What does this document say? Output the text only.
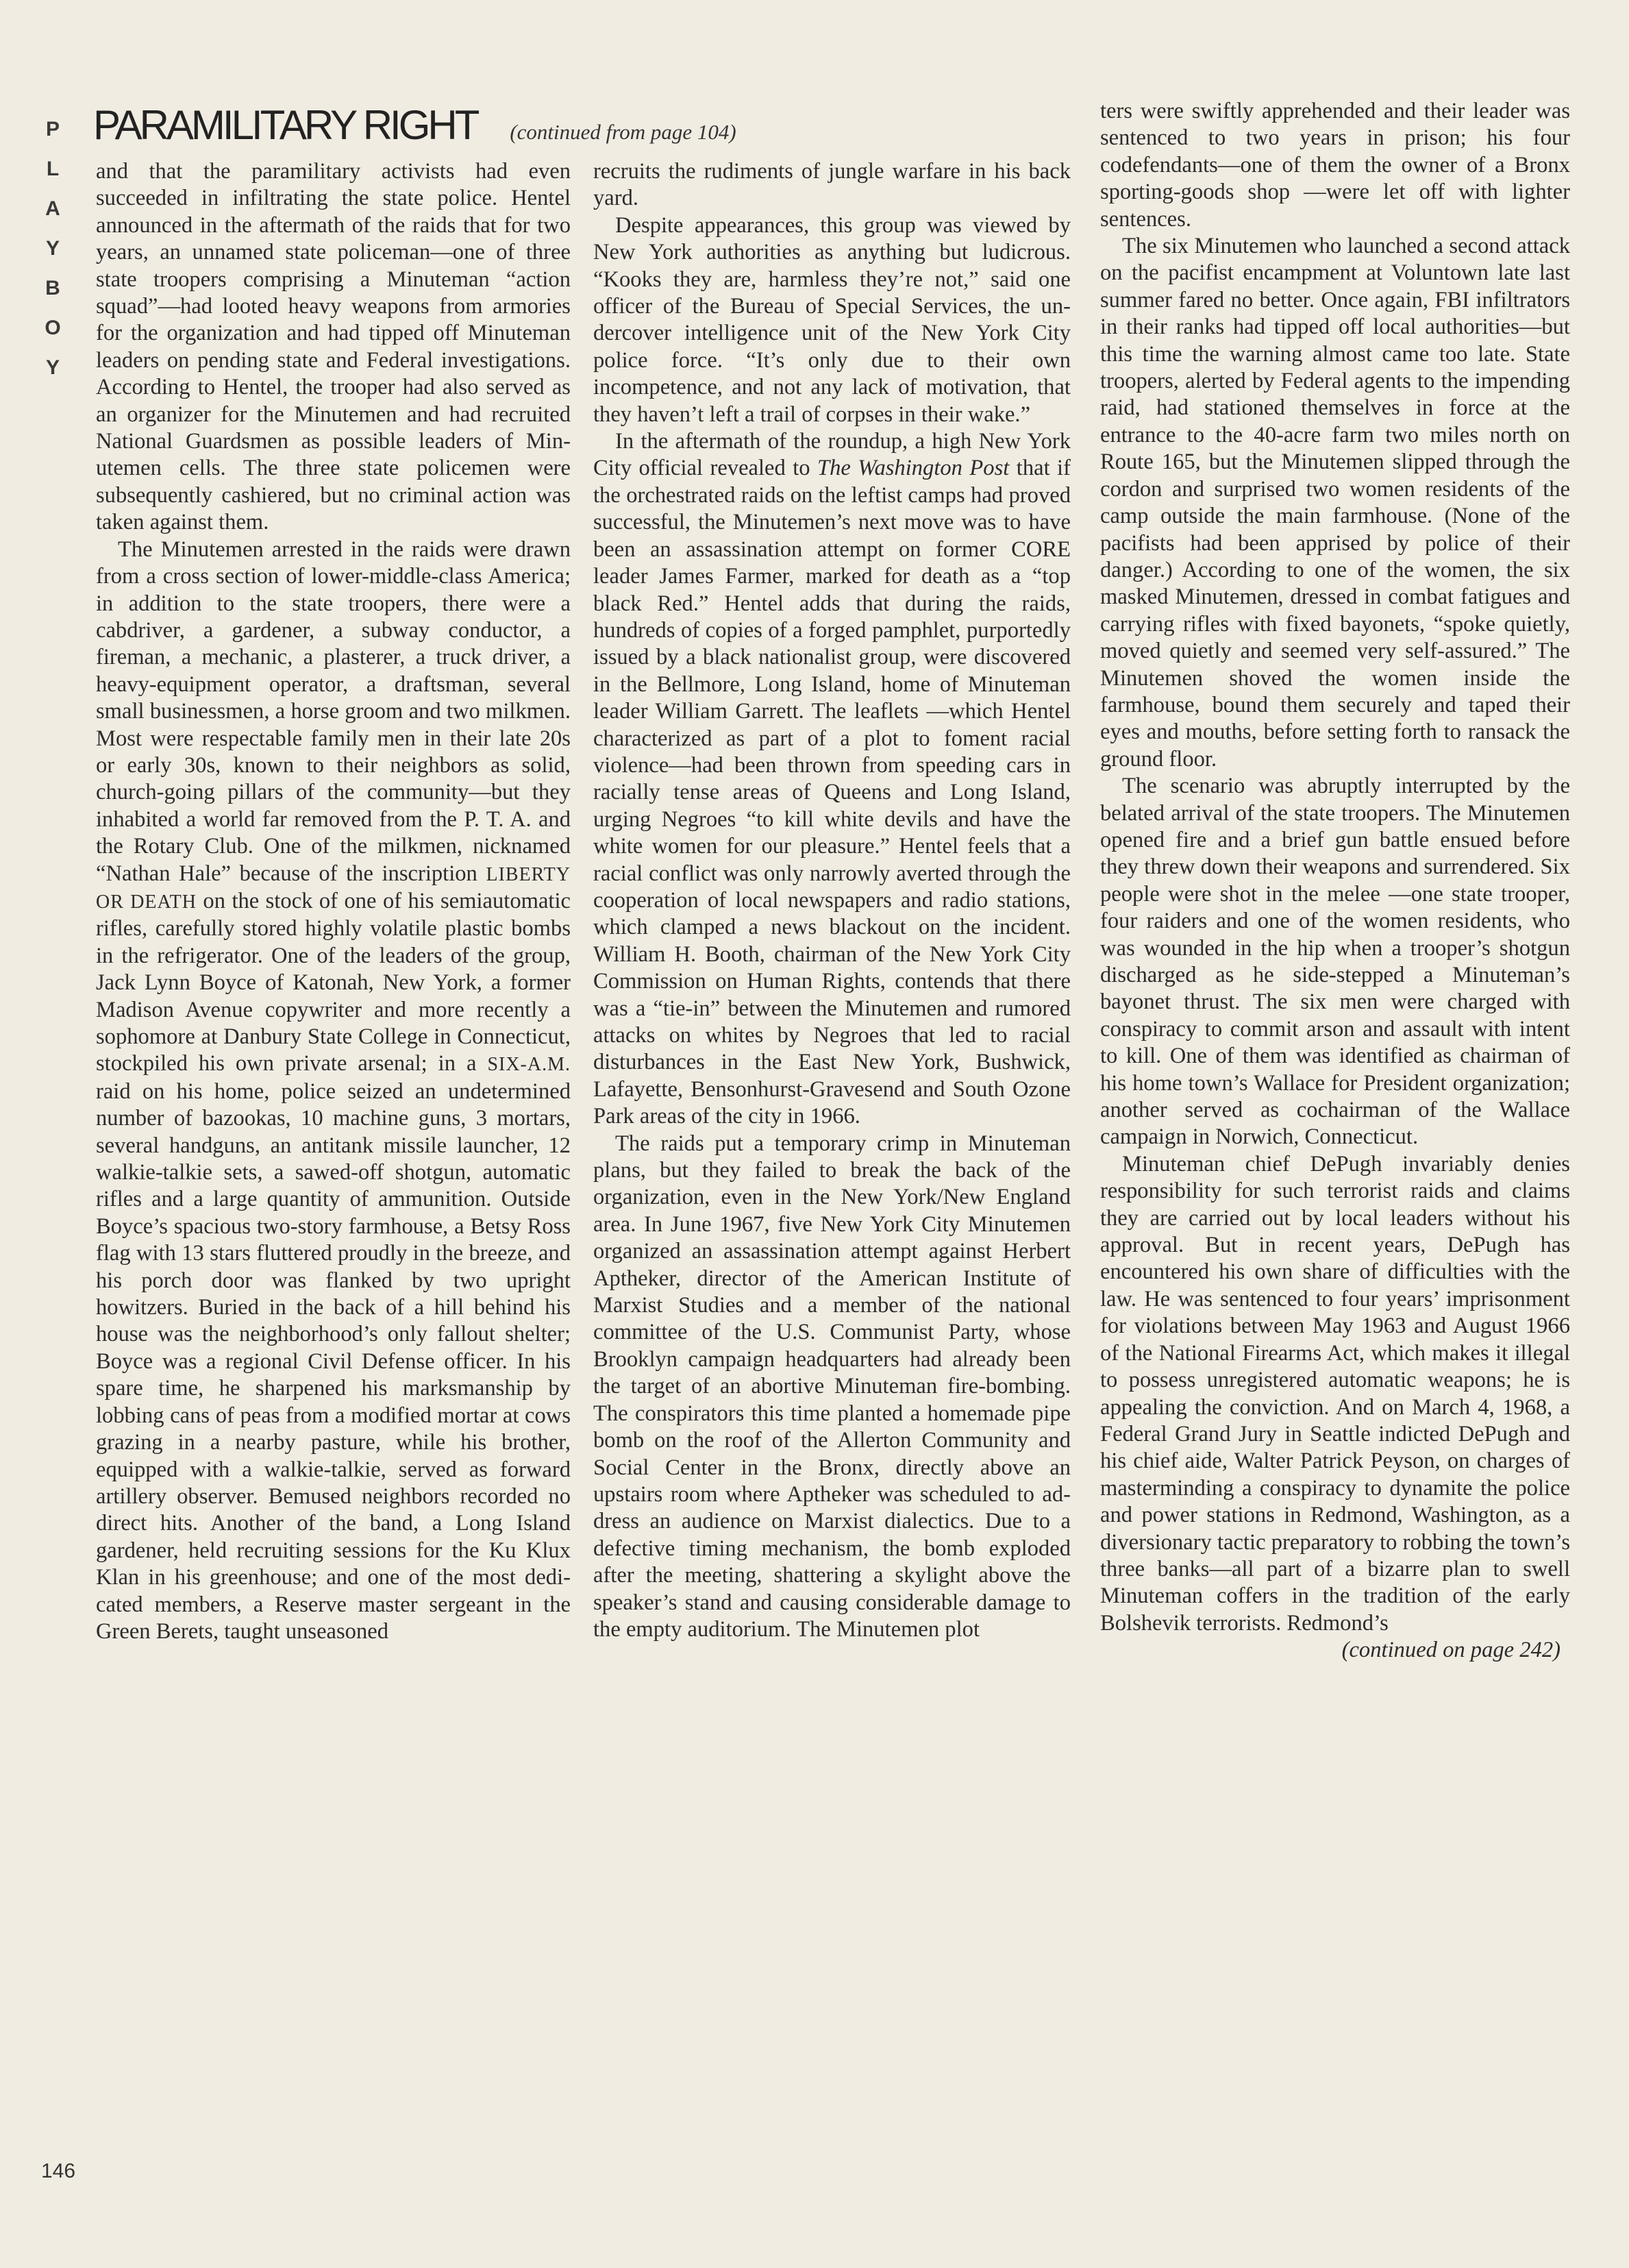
P
L
A
Y
B
O
Y
PARAMILITARY RIGHT (continued from page 104)

and that the paramilitary activists had even succeeded in infiltrating the state police. Hentel announced in the aftermath of the raids that for two years, an unnamed state policeman—one of three state troopers comprising a Minuteman “action squad”—had looted heavy weapons from armories for the organization and had tipped off Minuteman leaders on pending state and Federal investigations. According to Hentel, the trooper had also served as an organizer for the Minutemen and had recruited National Guardsmen as possible leaders of Minutemen cells. The three state policemen were subsequently cashiered, but no criminal action was taken against them.

The Minutemen arrested in the raids were drawn from a cross section of lower-middle-class America; in addition to the state troopers, there were a cabdriver, a gardener, a subway conductor, a fireman, a mechanic, a plasterer, a truck driver, a heavy-equipment operator, a draftsman, several small businessmen, a horse groom and two milkmen. Most were respectable family men in their late 20s or early 30s, known to their neighbors as solid, church-going pillars of the community—but they inhabited a world far removed from the P. T. A. and the Rotary Club. One of the milkmen, nicknamed “Nathan Hale” because of the inscription LIBERTY OR DEATH on the stock of one of his semiautomatic rifles, carefully stored highly volatile plastic bombs in the refrigerator. One of the leaders of the group, Jack Lynn Boyce of Katonah, New York, a former Madison Avenue copywriter and more recently a sophomore at Danbury State College in Connecticut, stockpiled his own private arsenal; in a SIX-A.M. raid on his home, police seized an undetermined number of bazookas, 10 machine guns, 3 mortars, several handguns, an antitank missile launcher, 12 walkie-talkie sets, a sawed-off shotgun, automatic rifles and a large quantity of ammunition. Outside Boyce’s spacious two-story farmhouse, a Betsy Ross flag with 13 stars fluttered proudly in the breeze, and his porch door was flanked by two upright howitzers. Buried in the back of a hill behind his house was the neighborhood’s only fallout shelter; Boyce was a regional Civil Defense officer. In his spare time, he sharpened his marksmanship by lobbing cans of peas from a modified mortar at cows grazing in a nearby pasture, while his brother, equipped with a walkie-talkie, served as forward artillery observer. Bemused neighbors recorded no direct hits. Another of the band, a Long Island gardener, held recruiting sessions for the Ku Klux Klan in his greenhouse; and one of the most dedicated members, a Reserve master sergeant in the Green Berets, taught unseasoned

recruits the rudiments of jungle warfare in his back yard.

Despite appearances, this group was viewed by New York authorities as anything but ludicrous. “Kooks they are, harmless they’re not,” said one officer of the Bureau of Special Services, the undercover intelligence unit of the New York City police force. “It’s only due to their own incompetence, and not any lack of motivation, that they haven’t left a trail of corpses in their wake.”

In the aftermath of the roundup, a high New York City official revealed to The Washington Post that if the orchestrated raids on the leftist camps had proved successful, the Minutemen’s next move was to have been an assassination attempt on former CORE leader James Farmer, marked for death as a “top black Red.” Hentel adds that during the raids, hundreds of copies of a forged pamphlet, purportedly issued by a black nationalist group, were discovered in the Bellmore, Long Island, home of Minuteman leader William Garrett. The leaflets —which Hentel characterized as part of a plot to foment racial violence—had been thrown from speeding cars in racially tense areas of Queens and Long Island, urging Negroes “to kill white devils and have the white women for our pleasure.” Hentel feels that a racial conflict was only narrowly averted through the cooperation of local newspapers and radio stations, which clamped a news blackout on the incident. William H. Booth, chairman of the New York City Commission on Human Rights, contends that there was a “tie-in” between the Minutemen and rumored attacks on whites by Negroes that led to racial disturbances in the East New York, Bushwick, Lafayette, Bensonhurst-Gravesend and South Ozone Park areas of the city in 1966.

The raids put a temporary crimp in Minuteman plans, but they failed to break the back of the organization, even in the New York/New England area. In June 1967, five New York City Minutemen organized an assassination attempt against Herbert Aptheker, director of the American Institute of Marxist Studies and a member of the national committee of the U.S. Communist Party, whose Brooklyn campaign headquarters had already been the target of an abortive Minuteman fire-bombing. The conspirators this time planted a homemade pipe bomb on the roof of the Allerton Community and Social Center in the Bronx, directly above an upstairs room where Aptheker was scheduled to address an audience on Marxist dialectics. Due to a defective timing mechanism, the bomb exploded after the meeting, shattering a skylight above the speaker’s stand and causing considerable damage to the empty auditorium. The Minutemen plot

ters were swiftly apprehended and their leader was sentenced to two years in prison; his four codefendants—one of them the owner of a Bronx sporting-goods shop —were let off with lighter sentences.

The six Minutemen who launched a second attack on the pacifist encampment at Voluntown late last summer fared no better. Once again, FBI infiltrators in their ranks had tipped off local authorities—but this time the warning almost came too late. State troopers, alerted by Federal agents to the impending raid, had stationed themselves in force at the entrance to the 40-acre farm two miles north on Route 165, but the Minutemen slipped through the cordon and surprised two women residents of the camp outside the main farmhouse. (None of the pacifists had been apprised by police of their danger.) According to one of the women, the six masked Minutemen, dressed in combat fatigues and carrying rifles with fixed bayonets, “spoke quietly, moved quietly and seemed very self-assured.” The Minutemen shoved the women inside the farmhouse, bound them securely and taped their eyes and mouths, before setting forth to ransack the ground floor.

The scenario was abruptly interrupted by the belated arrival of the state troopers. The Minutemen opened fire and a brief gun battle ensued before they threw down their weapons and surrendered. Six people were shot in the melee —one state trooper, four raiders and one of the women residents, who was wounded in the hip when a trooper’s shotgun discharged as he side-stepped a Minuteman’s bayonet thrust. The six men were charged with conspiracy to commit arson and assault with intent to kill. One of them was identified as chairman of his home town’s Wallace for President organization; another served as cochairman of the Wallace campaign in Norwich, Connecticut.

Minuteman chief DePugh invariably denies responsibility for such terrorist raids and claims they are carried out by local leaders without his approval. But in recent years, DePugh has encountered his own share of difficulties with the law. He was sentenced to four years’ imprisonment for violations between May 1963 and August 1966 of the National Firearms Act, which makes it illegal to possess unregistered automatic weapons; he is appealing the conviction. And on March 4, 1968, a Federal Grand Jury in Seattle indicted DePugh and his chief aide, Walter Patrick Peyson, on charges of masterminding a conspiracy to dynamite the police and power stations in Redmond, Washington, as a diversionary tactic preparatory to robbing the town’s three banks—all part of a bizarre plan to swell Minuteman coffers in the tradition of the early Bolshevik terrorists. Redmond’s

(continued on page 242)
146
